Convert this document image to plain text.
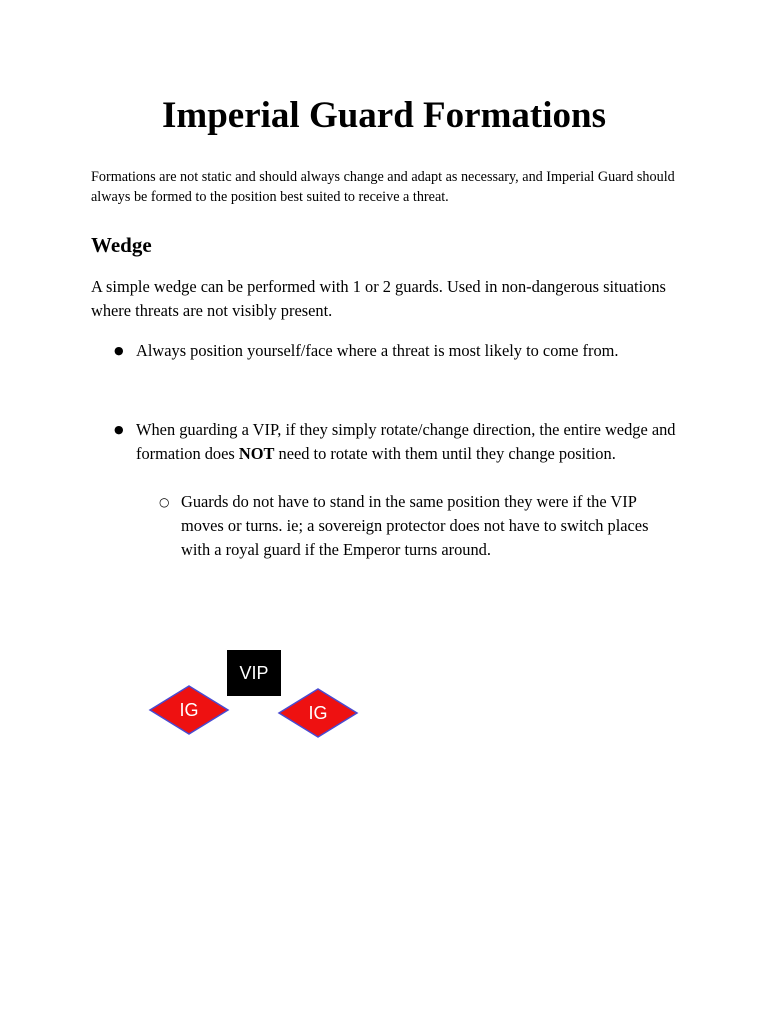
Imperial Guard Formations

Formations are not static and should always change and adapt as necessary, and Imperial Guard should always be formed to the position best suited to receive a threat.

Wedge

A simple wedge can be performed with 1 or 2 guards. Used in non-dangerous situations where threats are not visibly present.

● Always position yourself/face where a threat is most likely to come from.
● When guarding a VIP, if they simply rotate/change direction, the entire wedge and formation does NOT need to rotate with them until they change position.
○ Guards do not have to stand in the same position they were if the VIP moves or turns. ie; a sovereign protector does not have to switch places with a royal guard if the Emperor turns around.
VIP
IG	IG
